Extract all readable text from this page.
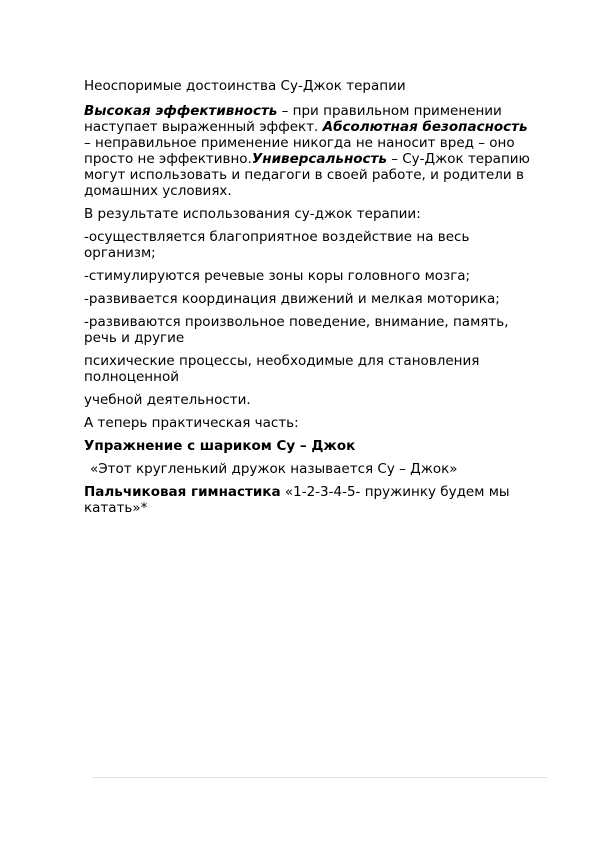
Неоспоримые достоинства Су-Джок терапии

Высокая эффективность – при правильном применении наступает выраженный эффект. Абсолютная безопасность – неправильное применение никогда не наносит вред – оно просто не эффективно.Универсальность – Су-Джок терапию могут использовать и педагоги в своей работе, и родители в домашних условиях.

В результате использования су-джок терапии:

-осуществляется благоприятное воздействие на весь организм;

-стимулируются речевые зоны коры головного мозга;

-развивается координация движений и мелкая моторика;

-развиваются произвольное поведение, внимание, память, речь и другие

психические процессы, необходимые для становления полноценной

учебной деятельности.

А теперь практическая часть:

Упражнение с шариком Су – Джок

«Этот кругленький дружок называется Су – Джок»

Пальчиковая гимнастика «1-2-3-4-5- пружинку будем мы катать»*
